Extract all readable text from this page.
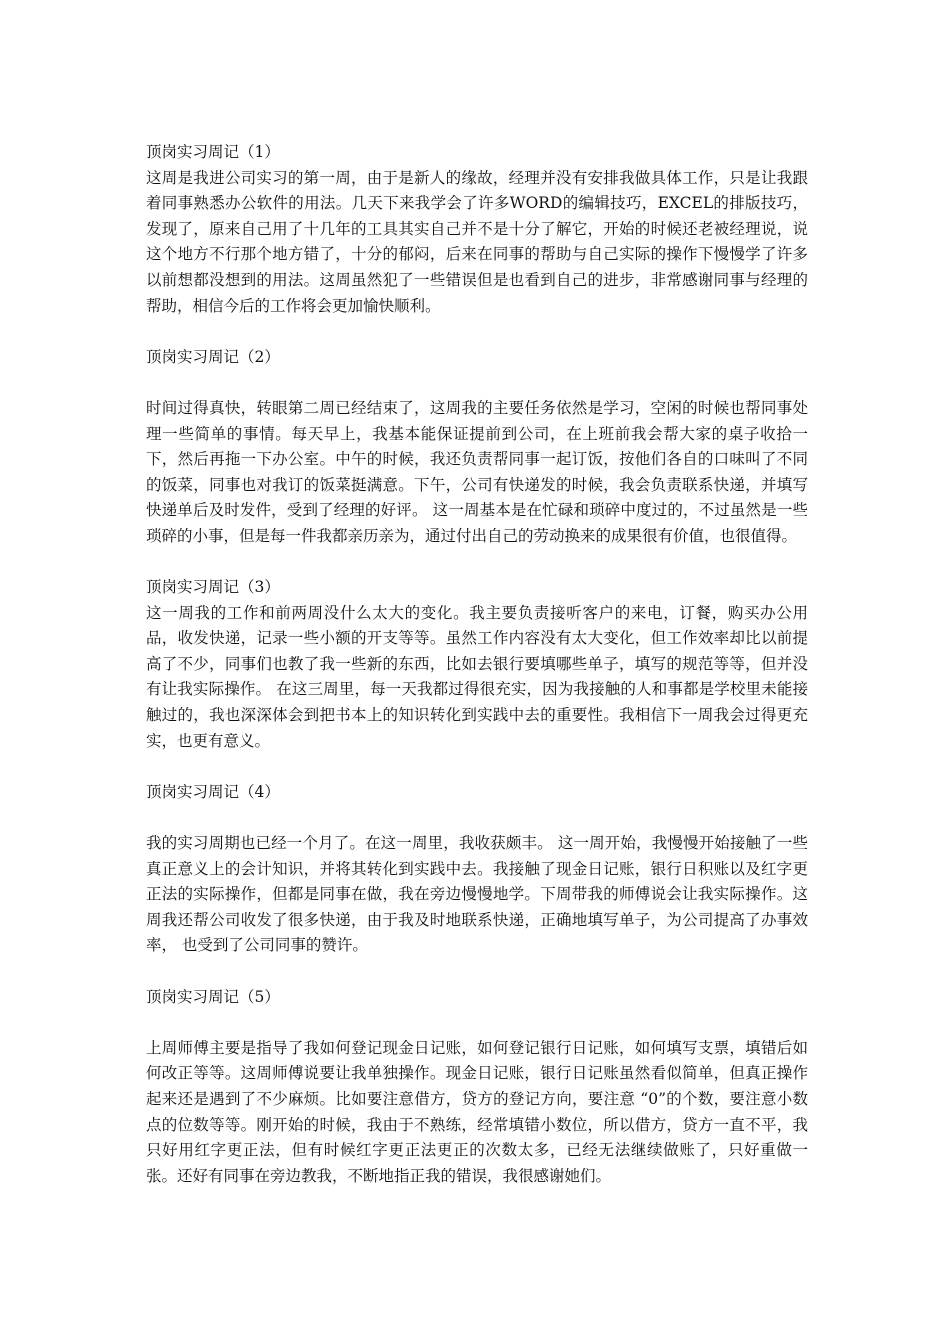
顶岗实习周记（1）
这周是我进公司实习的第一周，由于是新人的缘故，经理并没有安排我做具体工作，只是让我跟着同事熟悉办公软件的用法。几天下来我学会了许多WORD的编辑技巧，EXCEL的排版技巧，发现了，原来自己用了十几年的工具其实自己并不是十分了解它，开始的时候还老被经理说，说这个地方不行那个地方错了，十分的郁闷，后来在同事的帮助与自己实际的操作下慢慢学了许多以前想都没想到的用法。这周虽然犯了一些错误但是也看到自己的进步，非常感谢同事与经理的帮助，相信今后的工作将会更加愉快顺利。
顶岗实习周记（2）
时间过得真快，转眼第二周已经结束了，这周我的主要任务依然是学习，空闲的时候也帮同事处理一些简单的事情。每天早上，我基本能保证提前到公司，在上班前我会帮大家的桌子收拾一下，然后再拖一下办公室。中午的时候，我还负责帮同事一起订饭，按他们各自的口味叫了不同的饭菜，同事也对我订的饭菜挺满意。下午，公司有快递发的时候，我会负责联系快递，并填写快递单后及时发件，受到了经理的好评。 这一周基本是在忙碌和琐碎中度过的，不过虽然是一些琐碎的小事，但是每一件我都亲历亲为，通过付出自己的劳动换来的成果很有价值，也很值得。
顶岗实习周记（3）
这一周我的工作和前两周没什么太大的变化。我主要负责接听客户的来电，订餐，购买办公用品，收发快递，记录一些小额的开支等等。虽然工作内容没有太大变化，但工作效率却比以前提高了不少，同事们也教了我一些新的东西，比如去银行要填哪些单子，填写的规范等等，但并没有让我实际操作。 在这三周里，每一天我都过得很充实，因为我接触的人和事都是学校里未能接触过的，我也深深体会到把书本上的知识转化到实践中去的重要性。我相信下一周我会过得更充实，也更有意义。
顶岗实习周记（4）
我的实习周期也已经一个月了。在这一周里，我收获颇丰。 这一周开始，我慢慢开始接触了一些真正意义上的会计知识，并将其转化到实践中去。我接触了现金日记账，银行日积账以及红字更正法的实际操作，但都是同事在做，我在旁边慢慢地学。下周带我的师傅说会让我实际操作。这周我还帮公司收发了很多快递，由于我及时地联系快递，正确地填写单子，为公司提高了办事效率， 也受到了公司同事的赞许。
顶岗实习周记（5）
上周师傅主要是指导了我如何登记现金日记账，如何登记银行日记账，如何填写支票，填错后如何改正等等。这周师傅说要让我单独操作。现金日记账，银行日记账虽然看似简单，但真正操作起来还是遇到了不少麻烦。比如要注意借方，贷方的登记方向，要注意 “0”的个数，要注意小数点的位数等等。刚开始的时候，我由于不熟练，经常填错小数位，所以借方，贷方一直不平，我只好用红字更正法，但有时候红字更正法更正的次数太多，已经无法继续做账了，只好重做一张。还好有同事在旁边教我，不断地指正我的错误，我很感谢她们。
